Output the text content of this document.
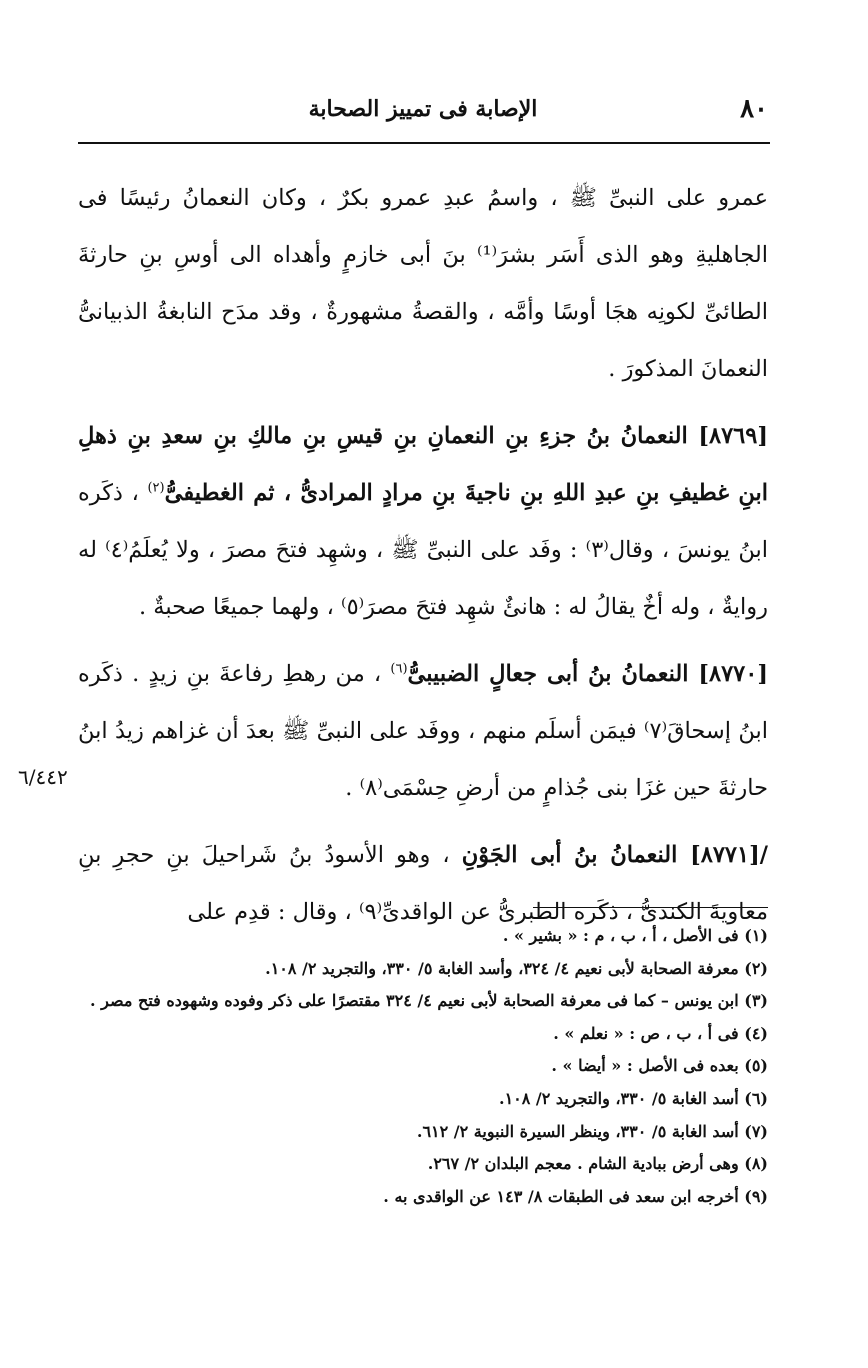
٨٠
الإصابة فى تمييز الصحابة

عمرو على النبىِّ ﷺ ، واسمُ عبدِ عمرو بكرٌ ، وكان النعمانُ رئيسًا فى الجاهليةِ وهو الذى أَسَر بشرَ⁽¹⁾ بنَ أبى خازمٍ وأهداه الى أوسِ بنِ حارثةَ الطائىِّ لكونِه هجَا أوسًا وأمَّه ، والقصةُ مشهورةٌ ، وقد مدَح النابغةُ الذبيانىُّ النعمانَ المذكورَ .

[٨٧٦٩] النعمانُ بنُ جزءِ بنِ النعمانِ بنِ قيسِ بنِ مالكِ بنِ سعدِ بنِ ذهلِ ابنِ غطيفِ بنِ عبدِ اللهِ بنِ ناجيةَ بنِ مرادٍ المرادىُّ ، ثم الغطيفىُّ$^{(٢)}$ ، ذكَره ابنُ يونسَ ، وقال⁽٣⁾ : وفَد على النبىِّ ﷺ ، وشهِد فتحَ مصرَ ، ولا يُعلَمُ⁽٤⁾ له روايةٌ ، وله أخٌ يقالُ له : هانئٌ شهِد فتحَ مصرَ⁽٥⁾ ، ولهما جميعًا صحبةٌ .

[٨٧٧٠] النعمانُ بنُ أبى جعالٍ الضبيبىُّ$^{(٦)}$ ، من رهطِ رفاعةَ بنِ زيدٍ . ذكَره ابنُ إسحاقَ⁽٧⁾ فيمَن أسلَم منهم ، ووفَد على النبىِّ ﷺ بعدَ أن غزاهم زيدُ ابنُ حارثةَ حين غزَا بنى جُذامٍ من أرضِ حِسْمَى⁽٨⁾ .

/[٨٧٧١] النعمانُ بنُ أبى الجَوْنِ ، وهو الأسودُ بنُ شَراحيلَ بنِ حجرِ بنِ معاويةَ الكندىُّ ، ذكَره الطبرىُّ عن الواقدىِّ⁽٩⁾ ، وقال : قدِم على

٦/٤٤٢
(١) فى الأصل ، أ ، ب ، م : « بشير » .
(٢) معرفة الصحابة لأبى نعيم ٤/ ٣٢٤، وأسد الغابة ٥/ ٣٣٠، والتجريد ٢/ ١٠٨.
(٣) ابن يونس – كما فى معرفة الصحابة لأبى نعيم ٤/ ٣٢٤ مقتصرًا على ذكر وفوده وشهوده فتح مصر .
(٤) فى أ ، ب ، ص : « نعلم » .
(٥) بعده فى الأصل : « أيضا » .
(٦) أسد الغابة ٥/ ٣٣٠، والتجريد ٢/ ١٠٨.
(٧) أسد الغابة ٥/ ٣٣٠، وينظر السيرة النبوية ٢/ ٦١٢.
(٨) وهى أرض ببادية الشام . معجم البلدان ٢/ ٢٦٧.
(٩) أخرجه ابن سعد فى الطبقات ٨/ ١٤٣ عن الواقدى به .
